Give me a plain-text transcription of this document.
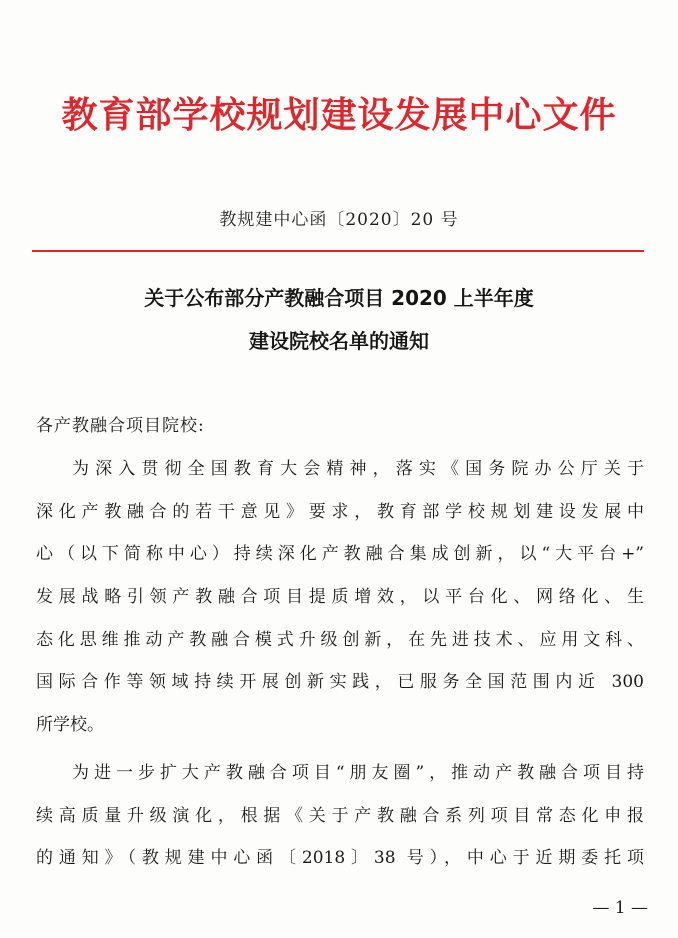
教育部学校规划建设发展中心文件
教规建中心函〔2020〕20 号
关于公布部分产教融合项目 2020 上半年度
建设院校名单的通知
各产教融合项目院校:
为深入贯彻全国教育大会精神，落实《国务院办公厅关于
深化产教融合的若干意见》要求，教育部学校规划建设发展中
心（以下简称中心）持续深化产教融合集成创新，以“大平台+”
发展战略引领产教融合项目提质增效，以平台化、网络化、生
态化思维推动产教融合模式升级创新，在先进技术、应用文科、
国际合作等领域持续开展创新实践，已服务全国范围内近 300
所学校。
为进一步扩大产教融合项目“朋友圈”，推动产教融合项目持
续高质量升级演化，根据《关于产教融合系列项目常态化申报
的通知》（教规建中心函〔2018〕38 号），中心于近期委托项
— 1 —
